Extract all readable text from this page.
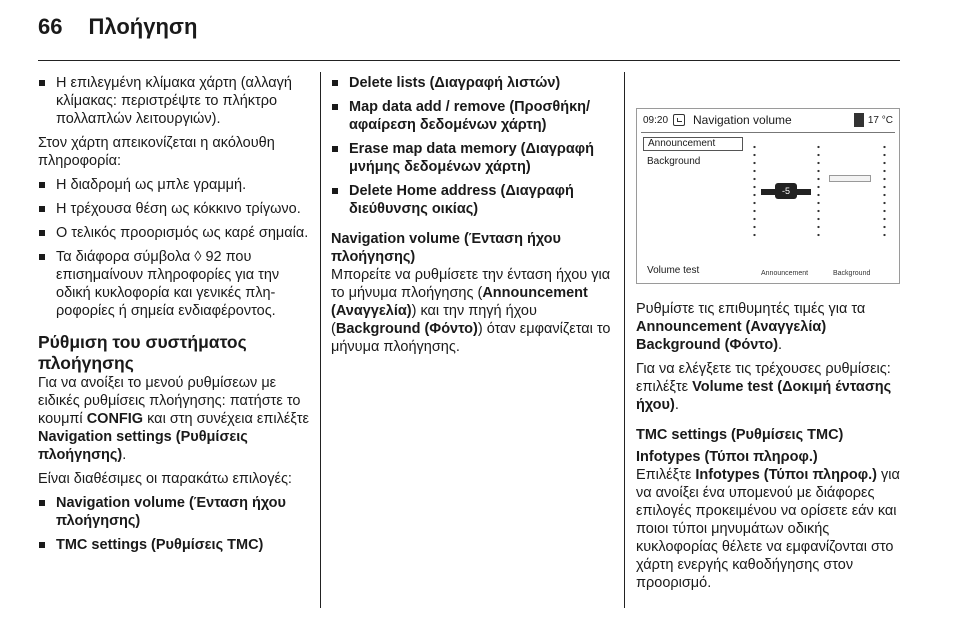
66 Πλοήγηση
Η επιλεγμένη κλίμακα χάρτη (αλλαγή κλίμακας: περιστρέψτε το πλήκτρο πολλαπλών λειτουργιών).

Στον χάρτη απεικονίζεται η ακόλουθη πληροφορία:

Η διαδρομή ως μπλε γραμμή.
Η τρέχουσα θέση ως κόκκινο τρίγωνο.
Ο τελικός προορισμός ως καρέ σημαία.
Τα διάφορα σύμβολα ◊ 92 που επισημαίνουν πληροφορίες για την οδική κυκλοφορία και γενικές πληροφορίες ή σημεία ενδιαφέροντος.
Ρύθμιση του συστήματος πλοήγησης

Για να ανοίξει το μενού ρυθμίσεων με ειδικές ρυθμίσεις πλοήγησης: πατήστε το κουμπί CONFIG και στη συνέχεια επιλέξτε Navigation settings (Ρυθμίσεις πλοήγησης).

Είναι διαθέσιμες οι παρακάτω επιλογές:

Navigation volume (Ένταση ήχου πλοήγησης)
TMC settings (Ρυθμίσεις TMC)
Delete lists (Διαγραφή λιστών)
Map data add / remove (Προσθήκη/ αφαίρεση δεδομένων χάρτη)
Erase map data memory (Διαγραφή μνήμης δεδομένων χάρτη)
Delete Home address (Διαγραφή διεύθυνσης οικίας)
Navigation volume (Ένταση ήχου πλοήγησης)

Μπορείτε να ρυθμίσετε την ένταση ήχου για το μήνυμα πλοήγησης (Announcement (Αναγγελία)) και την πηγή ήχου (Background (Φόντο)) όταν εμφανίζεται το μήνυμα πλοήγησης.

09:20	Navigation volume	17 °C
Announcement
Background
Volume test
-5
Announcement	Background

Ρυθμίστε τις επιθυμητές τιμές για τα Announcement (Αναγγελία)
Background (Φόντο).

Για να ελέγξετε τις τρέχουσες ρυθμίσεις: επιλέξτε Volume test (Δοκιμή έντασης ήχου).

TMC settings (Ρυθμίσεις TMC)
Infotypes (Τύποι πληροφ.)

Επιλέξτε Infotypes (Τύποι πληροφ.) για να ανοίξει ένα υπομενού με διάφορες επιλογές προκειμένου να ορίσετε εάν και ποιοι τύποι μηνυμάτων οδικής κυκλοφορίας θέλετε να εμφανίζονται στο χάρτη ενεργής καθοδήγησης στον προορισμό.
